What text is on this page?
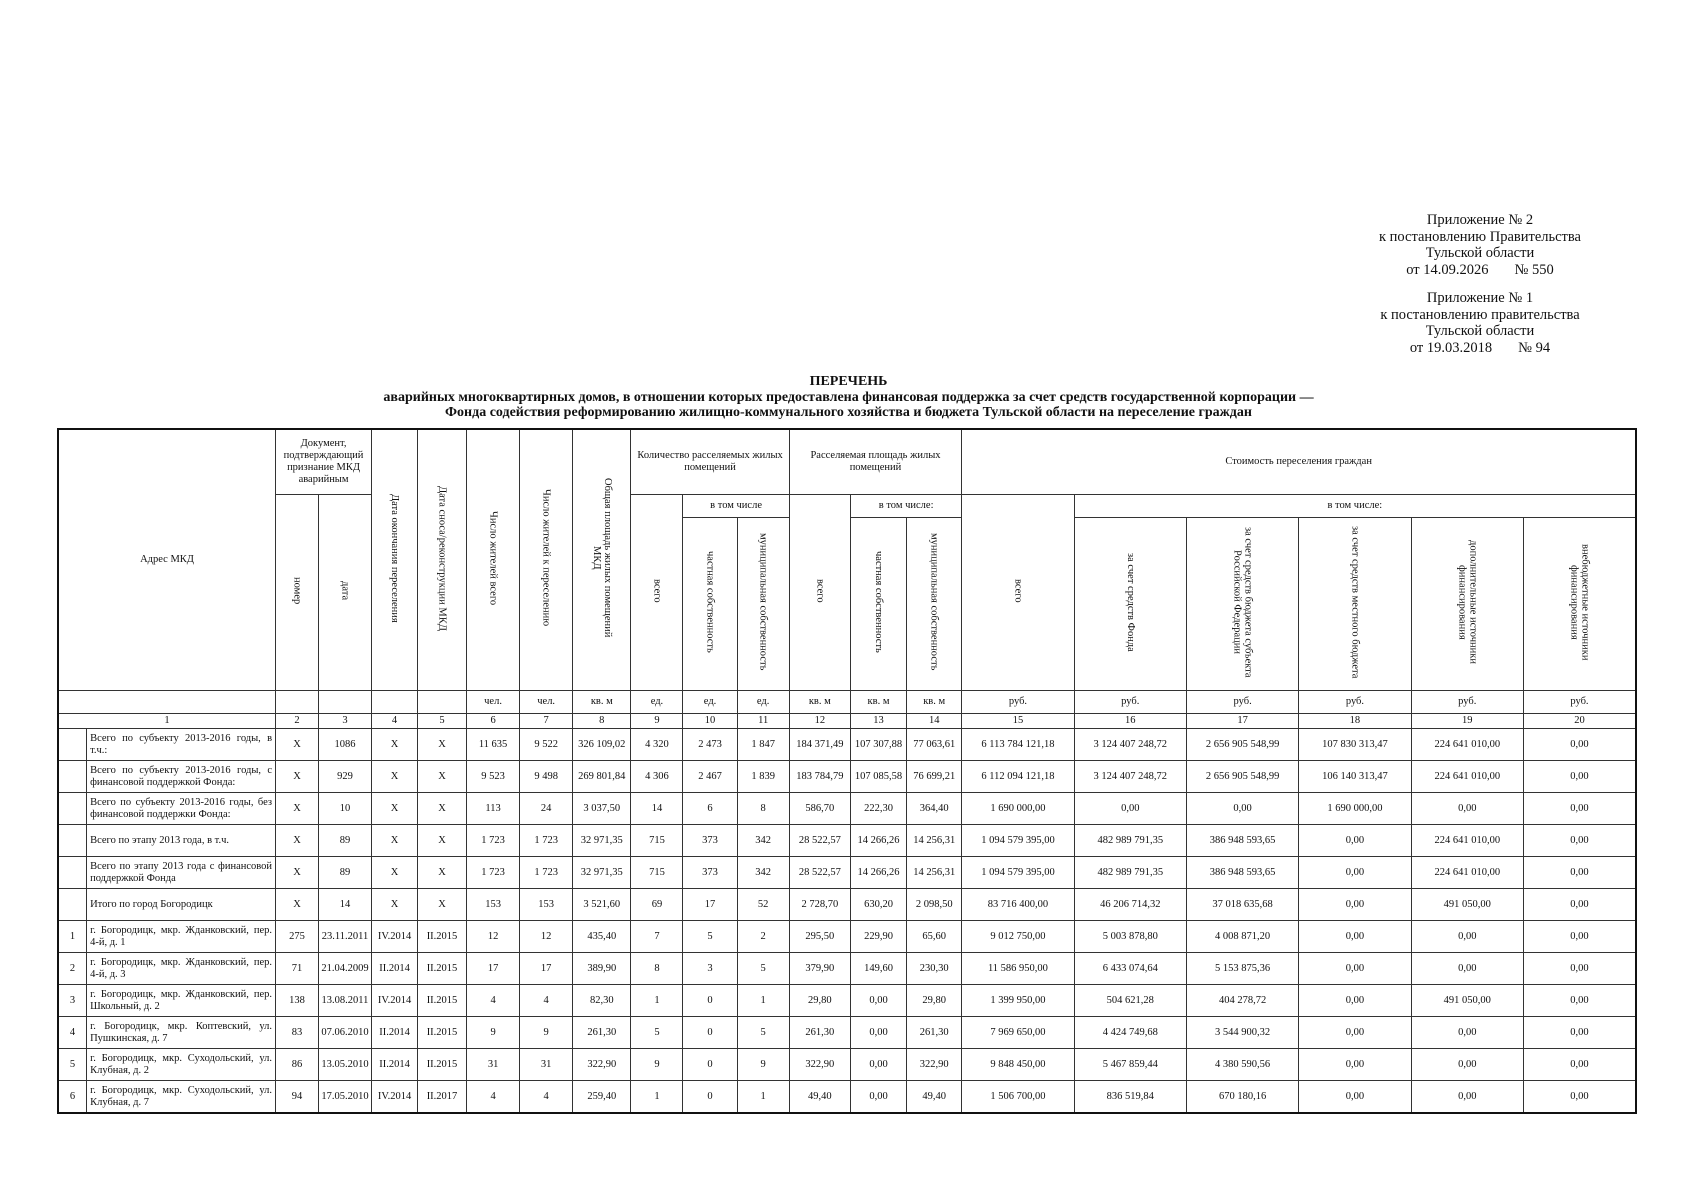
Приложение № 2
к постановлению Правительства
Тульской области
от 14.09.2026 № 550
Приложение № 1
к постановлению правительства
Тульской области
от 19.03.2018 № 94
ПЕРЕЧЕНЬ
аварийных многоквартирных домов, в отношении которых предоставлена финансовая поддержка за счет средств государственной корпорации —
Фонда содействия реформированию жилищно-коммунального хозяйства и бюджета Тульской области на переселение граждан
Адрес МКД		Документ, подтверждающий признание МКД аварийным		Дата окончания переселения	Дата сноса/реконструкции МКД	Число жителей всего	Число жителей к переселению	Общая площадь жилых помещений МКД	Количество расселяемых жилых помещений			Расселяемая площадь жилых помещений			Стоимость переселения граждан					
		номер	дата						всего	в том числе		всего	в том числе:		всего	в том числе:				
										частная собственность	муниципальная собственность		частная собственность	муниципальная собственность		за счет средств Фонда	за счет средств бюджета субъекта Российской Федерации	за счет средств местного бюджета	дополнительные источники финансирования	внебюджетные источники финансирования
						чел.	чел.	кв. м	ед.	ед.	ед.	кв. м	кв. м	кв. м	руб.	руб.	руб.	руб.	руб.	руб.
1		2	3	4	5	6	7	8	9	10	11	12	13	14	15	16	17	18	19	20
	Всего по субъекту 2013-2016 годы, в т.ч.:	X	1086	X	X	11 635	9 522	326 109,02	4 320	2 473	1 847	184 371,49	107 307,88	77 063,61	6 113 784 121,18	3 124 407 248,72	2 656 905 548,99	107 830 313,47	224 641 010,00	0,00
	Всего по субъекту 2013-2016 годы, с финансовой поддержкой Фонда:	X	929	X	X	9 523	9 498	269 801,84	4 306	2 467	1 839	183 784,79	107 085,58	76 699,21	6 112 094 121,18	3 124 407 248,72	2 656 905 548,99	106 140 313,47	224 641 010,00	0,00
	Всего по субъекту 2013-2016 годы, без финансовой поддержки Фонда:	X	10	X	X	113	24	3 037,50	14	6	8	586,70	222,30	364,40	1 690 000,00	0,00	0,00	1 690 000,00	0,00	0,00
	Всего по этапу 2013 года, в т.ч.	X	89	X	X	1 723	1 723	32 971,35	715	373	342	28 522,57	14 266,26	14 256,31	1 094 579 395,00	482 989 791,35	386 948 593,65	0,00	224 641 010,00	0,00
	Всего по этапу 2013 года с финансовой поддержкой Фонда	X	89	X	X	1 723	1 723	32 971,35	715	373	342	28 522,57	14 266,26	14 256,31	1 094 579 395,00	482 989 791,35	386 948 593,65	0,00	224 641 010,00	0,00
	Итого по город Богородицк	X	14	X	X	153	153	3 521,60	69	17	52	2 728,70	630,20	2 098,50	83 716 400,00	46 206 714,32	37 018 635,68	0,00	491 050,00	0,00
1	г. Богородицк, мкр. Жданковский, пер. 4-й, д. 1	275	23.11.2011	IV.2014	II.2015	12	12	435,40	7	5	2	295,50	229,90	65,60	9 012 750,00	5 003 878,80	4 008 871,20	0,00	0,00	0,00
2	г. Богородицк, мкр. Жданковский, пер. 4-й, д. 3	71	21.04.2009	II.2014	II.2015	17	17	389,90	8	3	5	379,90	149,60	230,30	11 586 950,00	6 433 074,64	5 153 875,36	0,00	0,00	0,00
3	г. Богородицк, мкр. Жданковский, пер. Школьный, д. 2	138	13.08.2011	IV.2014	II.2015	4	4	82,30	1	0	1	29,80	0,00	29,80	1 399 950,00	504 621,28	404 278,72	0,00	491 050,00	0,00
4	г. Богородицк, мкр. Коптевский, ул. Пушкинская, д. 7	83	07.06.2010	II.2014	II.2015	9	9	261,30	5	0	5	261,30	0,00	261,30	7 969 650,00	4 424 749,68	3 544 900,32	0,00	0,00	0,00
5	г. Богородицк, мкр. Суходольский, ул. Клубная, д. 2	86	13.05.2010	II.2014	II.2015	31	31	322,90	9	0	9	322,90	0,00	322,90	9 848 450,00	5 467 859,44	4 380 590,56	0,00	0,00	0,00
6	г. Богородицк, мкр. Суходольский, ул. Клубная, д. 7	94	17.05.2010	IV.2014	II.2017	4	4	259,40	1	0	1	49,40	0,00	49,40	1 506 700,00	836 519,84	670 180,16	0,00	0,00	0,00
